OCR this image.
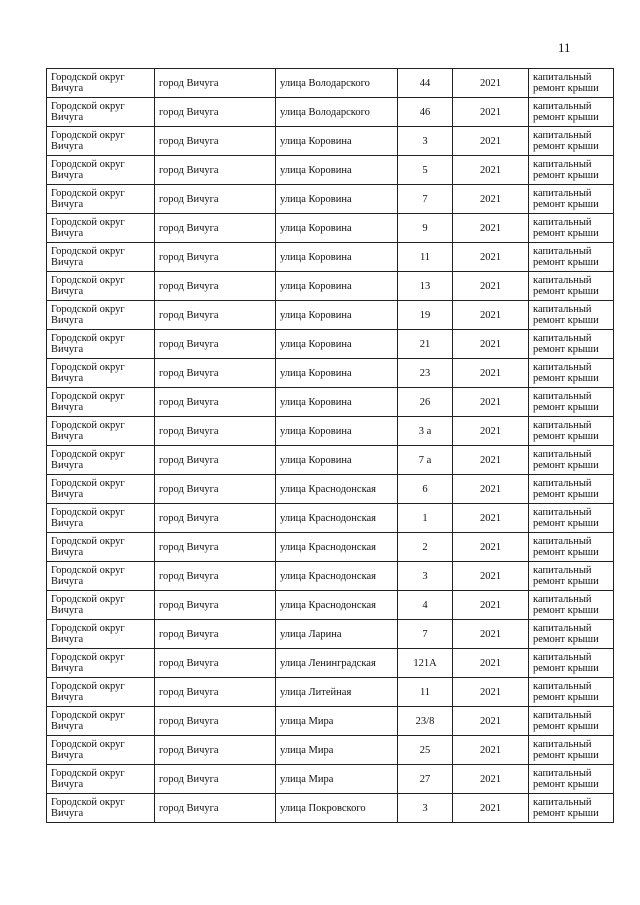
11
Городской округ Вичуга	город Вичуга	улица Володарского	44	2021	капитальный ремонт крыши
Городской округ Вичуга	город Вичуга	улица Володарского	46	2021	капитальный ремонт крыши
Городской округ Вичуга	город Вичуга	улица Коровина	3	2021	капитальный ремонт крыши
Городской округ Вичуга	город Вичуга	улица Коровина	5	2021	капитальный ремонт крыши
Городской округ Вичуга	город Вичуга	улица Коровина	7	2021	капитальный ремонт крыши
Городской округ Вичуга	город Вичуга	улица Коровина	9	2021	капитальный ремонт крыши
Городской округ Вичуга	город Вичуга	улица Коровина	11	2021	капитальный ремонт крыши
Городской округ Вичуга	город Вичуга	улица Коровина	13	2021	капитальный ремонт крыши
Городской округ Вичуга	город Вичуга	улица Коровина	19	2021	капитальный ремонт крыши
Городской округ Вичуга	город Вичуга	улица Коровина	21	2021	капитальный ремонт крыши
Городской округ Вичуга	город Вичуга	улица Коровина	23	2021	капитальный ремонт крыши
Городской округ Вичуга	город Вичуга	улица Коровина	26	2021	капитальный ремонт крыши
Городской округ Вичуга	город Вичуга	улица Коровина	3 а	2021	капитальный ремонт крыши
Городской округ Вичуга	город Вичуга	улица Коровина	7 а	2021	капитальный ремонт крыши
Городской округ Вичуга	город Вичуга	улица Краснодонская	6	2021	капитальный ремонт крыши
Городской округ Вичуга	город Вичуга	улица Краснодонская	1	2021	капитальный ремонт крыши
Городской округ Вичуга	город Вичуга	улица Краснодонская	2	2021	капитальный ремонт крыши
Городской округ Вичуга	город Вичуга	улица Краснодонская	3	2021	капитальный ремонт крыши
Городской округ Вичуга	город Вичуга	улица Краснодонская	4	2021	капитальный ремонт крыши
Городской округ Вичуга	город Вичуга	улица Ларина	7	2021	капитальный ремонт крыши
Городской округ Вичуга	город Вичуга	улица Ленинградская	121А	2021	капитальный ремонт крыши
Городской округ Вичуга	город Вичуга	улица Литейная	11	2021	капитальный ремонт крыши
Городской округ Вичуга	город Вичуга	улица Мира	23/8	2021	капитальный ремонт крыши
Городской округ Вичуга	город Вичуга	улица Мира	25	2021	капитальный ремонт крыши
Городской округ Вичуга	город Вичуга	улица Мира	27	2021	капитальный ремонт крыши
Городской округ Вичуга	город Вичуга	улица Покровского	3	2021	капитальный ремонт крыши
